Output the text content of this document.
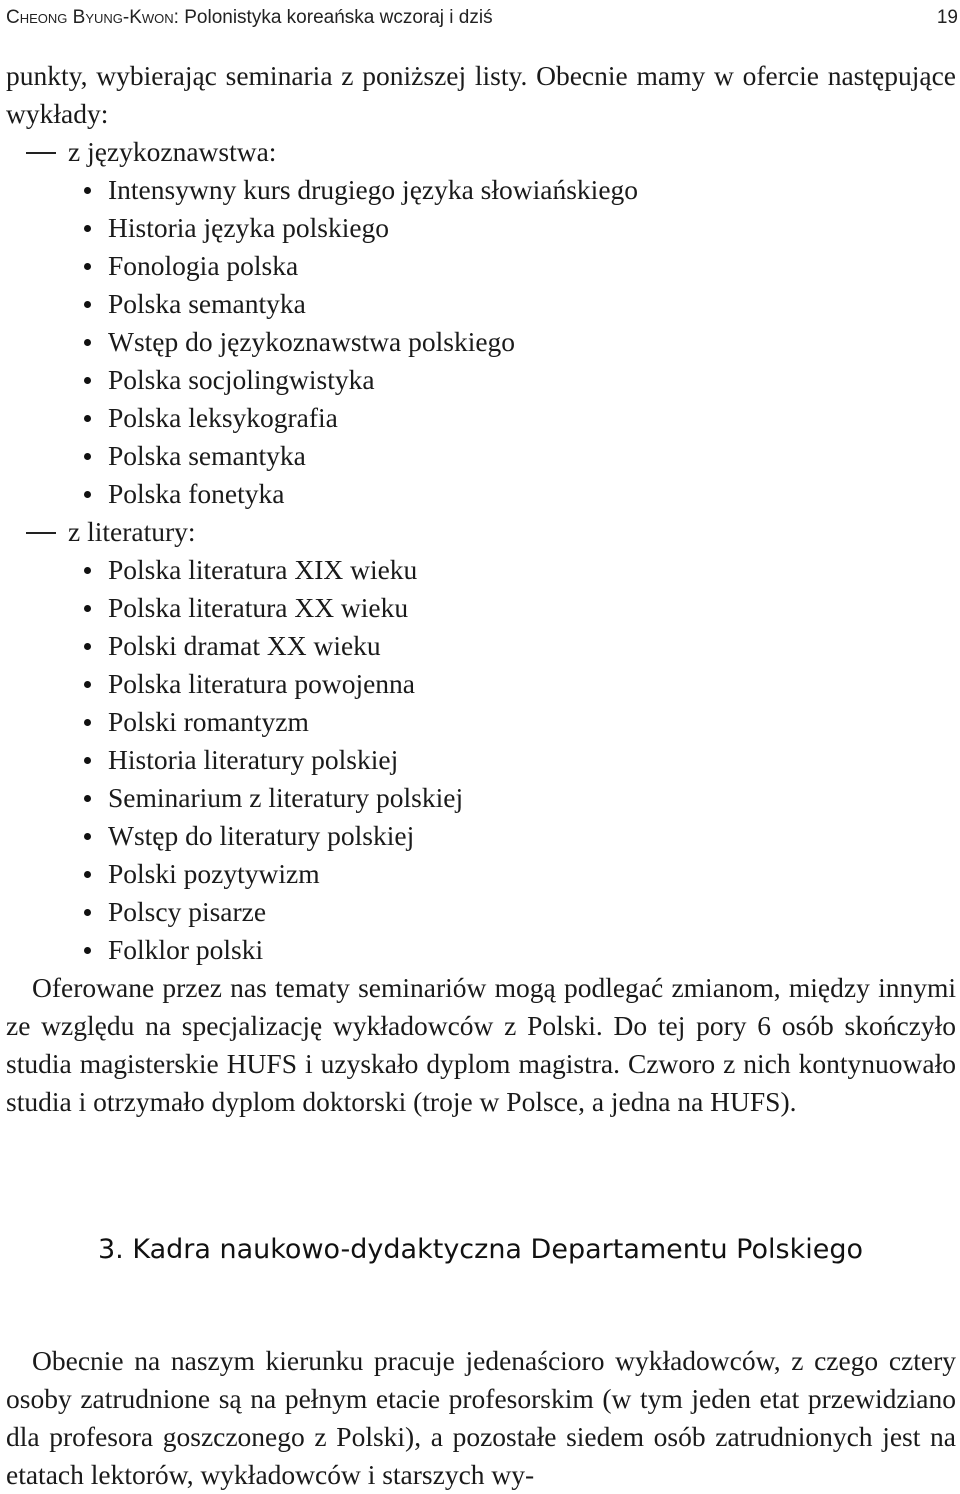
Cheong Byung-Kwon: Polonistyka koreańska wczoraj i dziś	19
punkty, wybierając seminaria z poniższej listy. Obecnie mamy w ofercie następujące wykłady:
z językoznawstwa:
Intensywny kurs drugiego języka słowiańskiego
Historia języka polskiego
Fonologia polska
Polska semantyka
Wstęp do językoznawstwa polskiego
Polska socjolingwistyka
Polska leksykografia
Polska semantyka
Polska fonetyka
z literatury:
Polska literatura XIX wieku
Polska literatura XX wieku
Polski dramat XX wieku
Polska literatura powojenna
Polski romantyzm
Historia literatury polskiej
Seminarium z literatury polskiej
Wstęp do literatury polskiej
Polski pozytywizm
Polscy pisarze
Folklor polski
Oferowane przez nas tematy seminariów mogą podlegać zmianom, między innymi ze względu na specjalizację wykładowców z Polski. Do tej pory 6 osób skończyło studia magisterskie HUFS i uzyskało dyplom magistra. Czworo z nich kontynuowało studia i otrzymało dyplom doktorski (troje w Polsce, a jedna na HUFS).
3. Kadra naukowo-dydaktyczna Departamentu Polskiego
Obecnie na naszym kierunku pracuje jedenaścioro wykładowców, z czego cztery osoby zatrudnione są na pełnym etacie profesorskim (w tym jeden etat przewidziano dla profesora goszczonego z Polski), a pozostałe siedem osób zatrudnionych jest na etatach lektorów, wykładowców i starszych wy-
